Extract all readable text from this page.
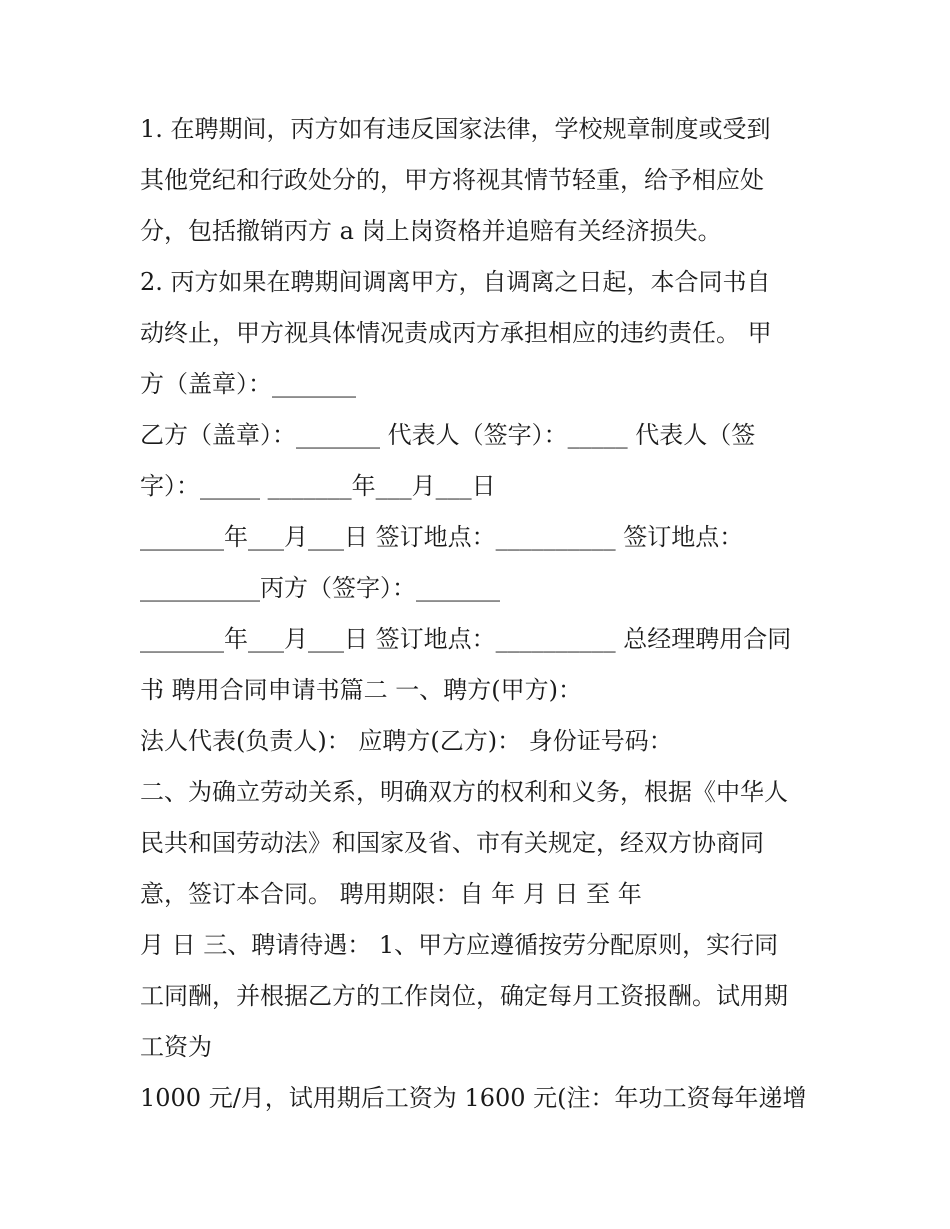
1. 在聘期间，丙方如有违反国家法律，学校规章制度或受到
其他党纪和行政处分的，甲方将视其情节轻重，给予相应处
分，包括撤销丙方 a 岗上岗资格并追赔有关经济损失。
2. 丙方如果在聘期间调离甲方，自调离之日起，本合同书自
动终止，甲方视具体情况责成丙方承担相应的违约责任。 甲
方（盖章）：_______
乙方（盖章）：_______ 代表人（签字）：_____ 代表人（签
字）：_____ _______年___月___日
_______年___月___日 签订地点：__________ 签订地点：
__________丙方（签字）：_______
_______年___月___日 签订地点：__________ 总经理聘用合同
书 聘用合同申请书篇二 一、聘方(甲方)：
法人代表(负责人)： 应聘方(乙方)： 身份证号码：
二、为确立劳动关系，明确双方的权利和义务，根据《中华人
民共和国劳动法》和国家及省、市有关规定，经双方协商同
意，签订本合同。 聘用期限：自 年 月 日 至 年
月 日 三、聘请待遇： 1、甲方应遵循按劳分配原则，实行同
工同酬，并根据乙方的工作岗位，确定每月工资报酬。试用期
工资为
1000 元/月，试用期后工资为 1600 元(注：年功工资每年递增
